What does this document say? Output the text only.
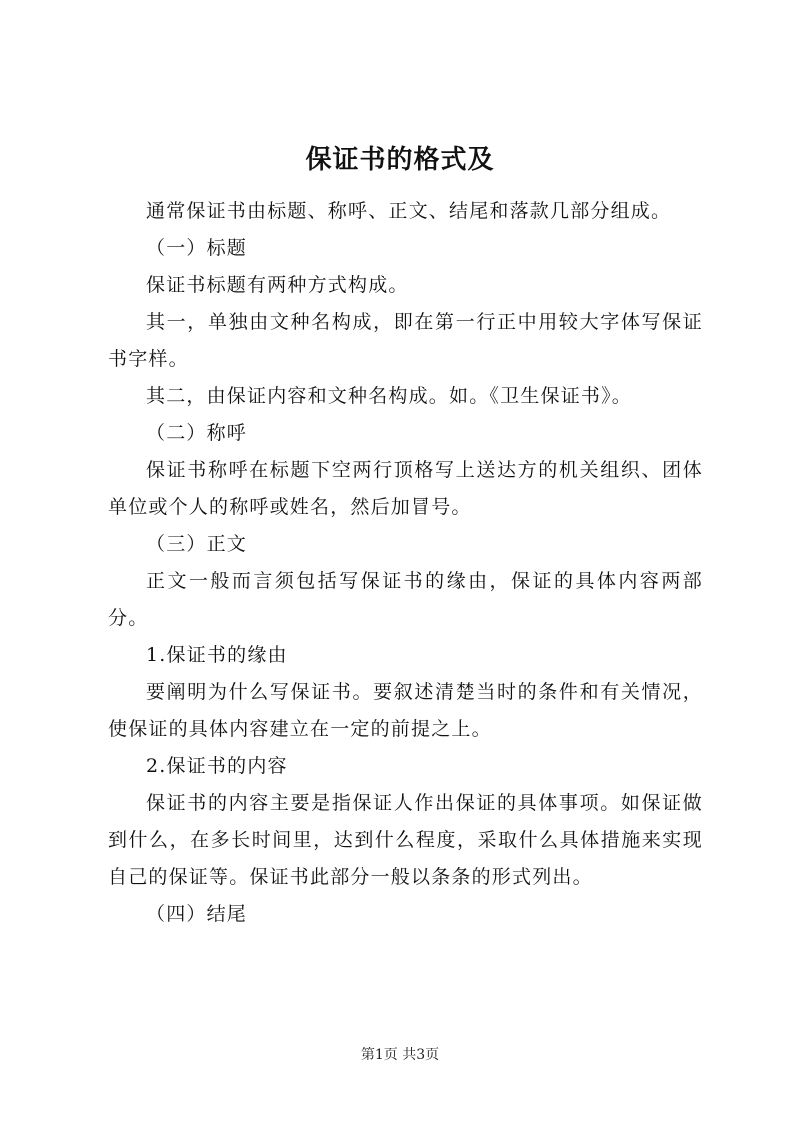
保证书的格式及

通常保证书由标题、称呼、正文、结尾和落款几部分组成。

（一）标题

保证书标题有两种方式构成。

其一，单独由文种名构成，即在第一行正中用较大字体写保证书字样。

其二，由保证内容和文种名构成。如。《卫生保证书》。

（二）称呼

保证书称呼在标题下空两行顶格写上送达方的机关组织、团体单位或个人的称呼或姓名，然后加冒号。

（三）正文

正文一般而言须包括写保证书的缘由，保证的具体内容两部分。

1.保证书的缘由

要阐明为什么写保证书。要叙述清楚当时的条件和有关情况，使保证的具体内容建立在一定的前提之上。

2.保证书的内容

保证书的内容主要是指保证人作出保证的具体事项。如保证做到什么，在多长时间里，达到什么程度，采取什么具体措施来实现自己的保证等。保证书此部分一般以条条的形式列出。

（四）结尾

第1页 共3页
